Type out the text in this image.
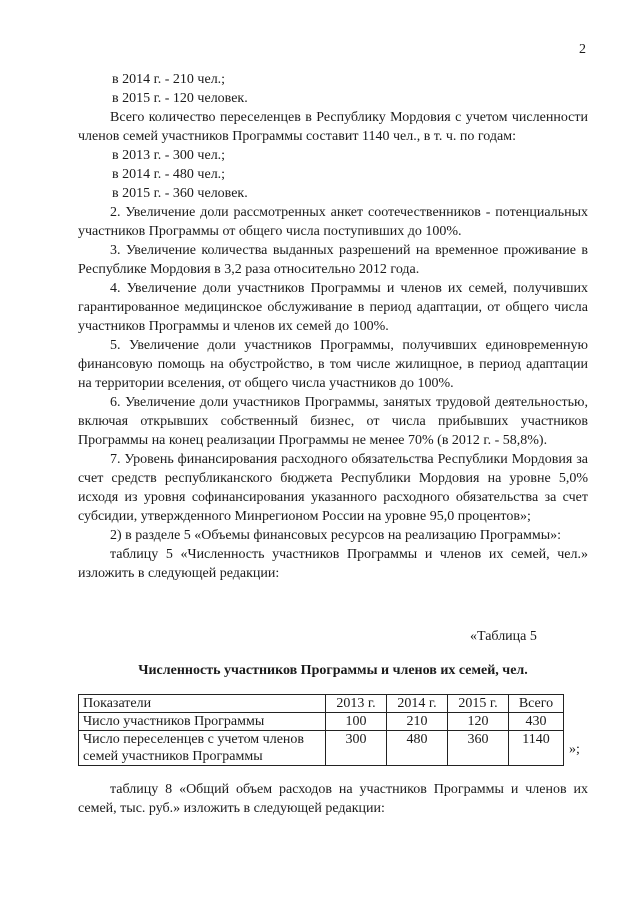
2
в 2014 г. - 210 чел.;
в 2015 г. - 120 человек.

Всего количество переселенцев в Республику Мордовия с учетом численности членов семей участников Программы составит 1140 чел., в т. ч. по годам:

в 2013 г. - 300 чел.;
в 2014 г. - 480 чел.;
в 2015 г. - 360 человек.

2. Увеличение доли рассмотренных анкет соотечественников - потенциальных участников Программы от общего числа поступивших до 100%.

3. Увеличение количества выданных разрешений на временное проживание в Республике Мордовия в 3,2 раза относительно 2012 года.

4. Увеличение доли участников Программы и членов их семей, получивших гарантированное медицинское обслуживание в период адаптации, от общего числа участников Программы и членов их семей до 100%.

5. Увеличение доли участников Программы, получивших единовременную финансовую помощь на обустройство, в том числе жилищное, в период адаптации на территории вселения, от общего числа участников до 100%.

6. Увеличение доли участников Программы, занятых трудовой деятельностью, включая открывших собственный бизнес, от числа прибывших участников Программы на конец реализации Программы не менее 70% (в 2012 г. - 58,8%).

7. Уровень финансирования расходного обязательства Республики Мордовия за счет средств республиканского бюджета Республики Мордовия на уровне 5,0% исходя из уровня софинансирования указанного расходного обязательства за счет субсидии, утвержденного Минрегионом России на уровне 95,0 процентов»;

2) в разделе 5 «Объемы финансовых ресурсов на реализацию Программы»:

таблицу 5 «Численность участников Программы и членов их семей, чел.» изложить в следующей редакции:

«Таблица 5
Численность участников Программы и членов их семей, чел.
Показатели	2013 г.	2014 г.	2015 г.	Всего
Число участников Программы	100	210	120	430
Число переселенцев с учетом членов семей участников Программы	300	480	360	1140
»;

таблицу 8 «Общий объем расходов на участников Программы и членов их семей, тыс. руб.» изложить в следующей редакции:
